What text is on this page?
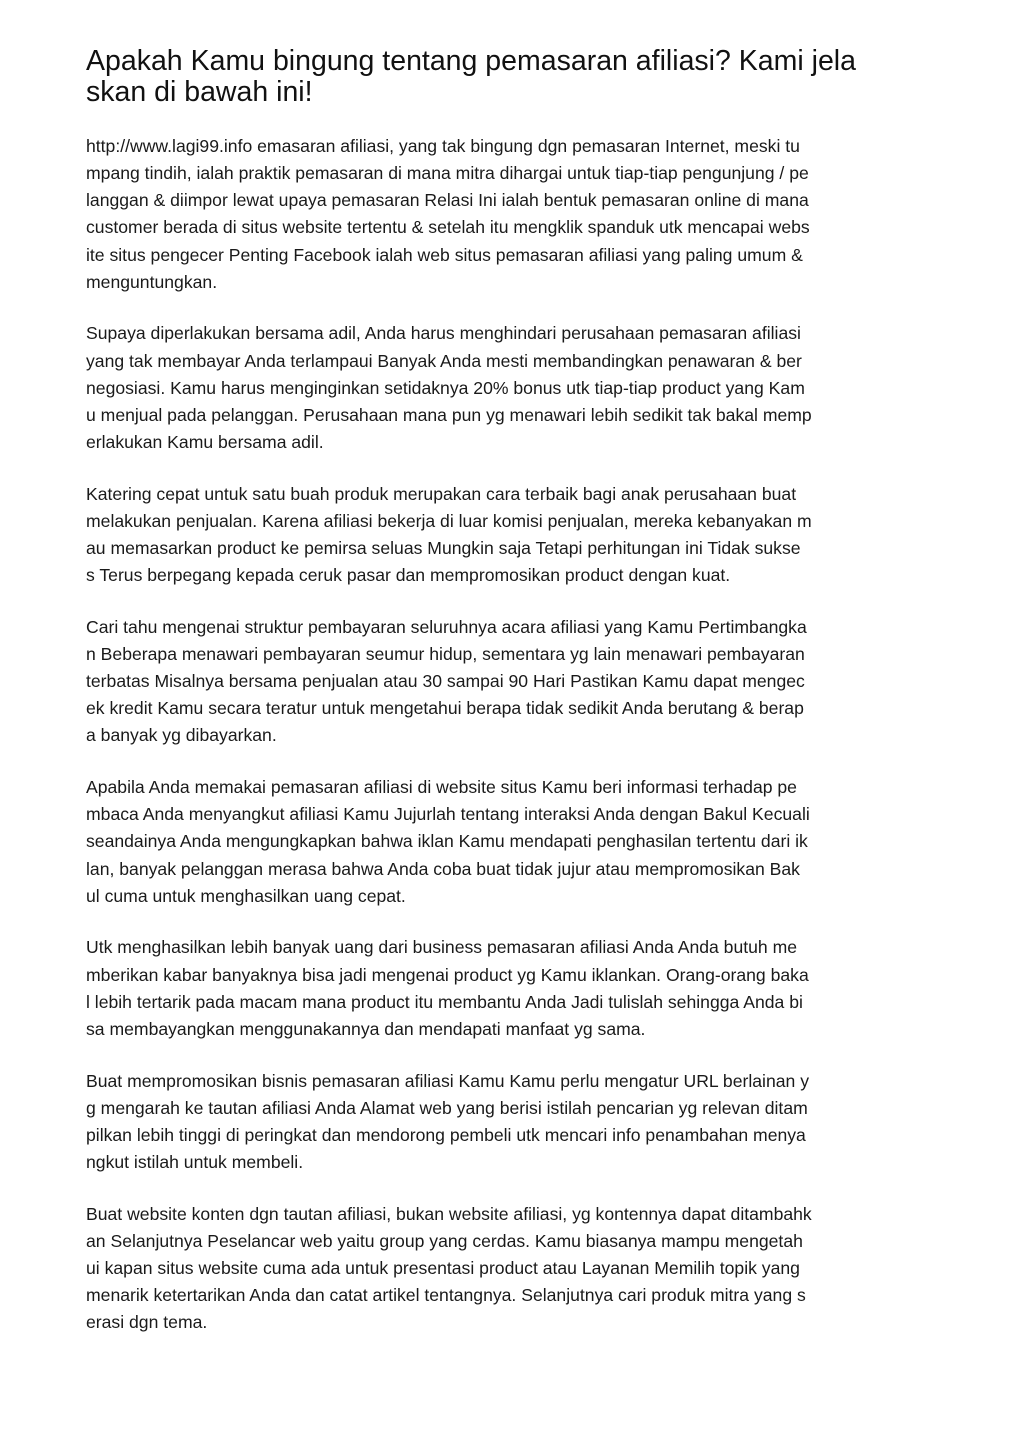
Apakah Kamu bingung tentang pemasaran afiliasi? Kami jela
skan di bawah ini!

http://www.lagi99.info emasaran afiliasi, yang tak bingung dgn pemasaran Internet, meski tu
mpang tindih, ialah praktik pemasaran di mana mitra dihargai untuk tiap-tiap pengunjung / pe
langgan & diimpor lewat upaya pemasaran Relasi Ini ialah bentuk pemasaran online di mana
customer berada di situs website tertentu & setelah itu mengklik spanduk utk mencapai webs
ite situs pengecer Penting Facebook ialah web situs pemasaran afiliasi yang paling umum &
menguntungkan.

Supaya diperlakukan bersama adil, Anda harus menghindari perusahaan pemasaran afiliasi
yang tak membayar Anda terlampaui Banyak Anda mesti membandingkan penawaran & ber
negosiasi. Kamu harus menginginkan setidaknya 20% bonus utk tiap-tiap product yang Kam
u menjual pada pelanggan. Perusahaan mana pun yg menawari lebih sedikit tak bakal memp
erlakukan Kamu bersama adil.

Katering cepat untuk satu buah produk merupakan cara terbaik bagi anak perusahaan buat
melakukan penjualan. Karena afiliasi bekerja di luar komisi penjualan, mereka kebanyakan m
au memasarkan product ke pemirsa seluas Mungkin saja Tetapi perhitungan ini Tidak sukse
s Terus berpegang kepada ceruk pasar dan mempromosikan product dengan kuat.

Cari tahu mengenai struktur pembayaran seluruhnya acara afiliasi yang Kamu Pertimbangka
n Beberapa menawari pembayaran seumur hidup, sementara yg lain menawari pembayaran
terbatas Misalnya bersama penjualan atau 30 sampai 90 Hari Pastikan Kamu dapat mengec
ek kredit Kamu secara teratur untuk mengetahui berapa tidak sedikit Anda berutang & berap
a banyak yg dibayarkan.

Apabila Anda memakai pemasaran afiliasi di website situs Kamu beri informasi terhadap pe
mbaca Anda menyangkut afiliasi Kamu Jujurlah tentang interaksi Anda dengan Bakul Kecuali
seandainya Anda mengungkapkan bahwa iklan Kamu mendapati penghasilan tertentu dari ik
lan, banyak pelanggan merasa bahwa Anda coba buat tidak jujur atau mempromosikan Bak
ul cuma untuk menghasilkan uang cepat.

Utk menghasilkan lebih banyak uang dari business pemasaran afiliasi Anda Anda butuh me
mberikan kabar banyaknya bisa jadi mengenai product yg Kamu iklankan. Orang-orang baka
l lebih tertarik pada macam mana product itu membantu Anda Jadi tulislah sehingga Anda bi
sa membayangkan menggunakannya dan mendapati manfaat yg sama.

Buat mempromosikan bisnis pemasaran afiliasi Kamu Kamu perlu mengatur URL berlainan y
g mengarah ke tautan afiliasi Anda Alamat web yang berisi istilah pencarian yg relevan ditam
pilkan lebih tinggi di peringkat dan mendorong pembeli utk mencari info penambahan menya
ngkut istilah untuk membeli.

Buat website konten dgn tautan afiliasi, bukan website afiliasi, yg kontennya dapat ditambahk
an Selanjutnya Peselancar web yaitu group yang cerdas. Kamu biasanya mampu mengetah
ui kapan situs website cuma ada untuk presentasi product atau Layanan Memilih topik yang
menarik ketertarikan Anda dan catat artikel tentangnya. Selanjutnya cari produk mitra yang s
erasi dgn tema.
